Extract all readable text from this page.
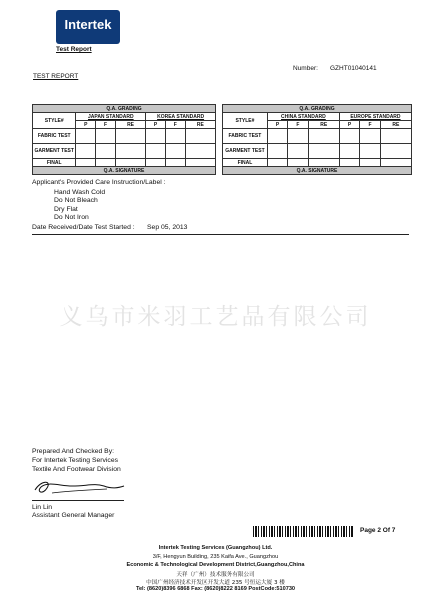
Intertek
Test Report
Number: GZHT01040141
TEST REPORT
Q.A. GRADING						
STYLE#	JAPAN STANDARD			KOREA STANDARD		
	P	F	RE	P	F	RE
FABRIC TEST						
GARMENT TEST						
FINAL						
Q.A. SIGNATURE						
Q.A. GRADING						
STYLE#	CHINA STANDARD			EUROPE STANDARD		
	P	F	RE	P	F	RE
FABRIC TEST						
GARMENT TEST						
FINAL						
Q.A. SIGNATURE						
Applicant's Provided Care Instruction/Label :
Hand Wash Cold
Do Not Bleach
Dry Flat
Do Not Iron
Date Received/Date Test Started : Sep 05, 2013
义乌市米羽工艺品有限公司
Prepared And Checked By:
For Intertek Testing Services
Textile And Footwear Division
Lin Lin
Assistant General Manager
Page 2 Of 7
Intertek Testing Services (Guangzhou) Ltd.
3/F, Hengyun Building, 235 Kaifa Ave., Guangzhou
Economic & Technological Development District,Guangzhou,China
天祥（广州）技术服务有限公司
中国广州经济技术开发区开发大道 235 号恒运大厦 3 楼
Tel: (8620)8396 6868 Fax: (8620)8222 8169 PostCode:510730
